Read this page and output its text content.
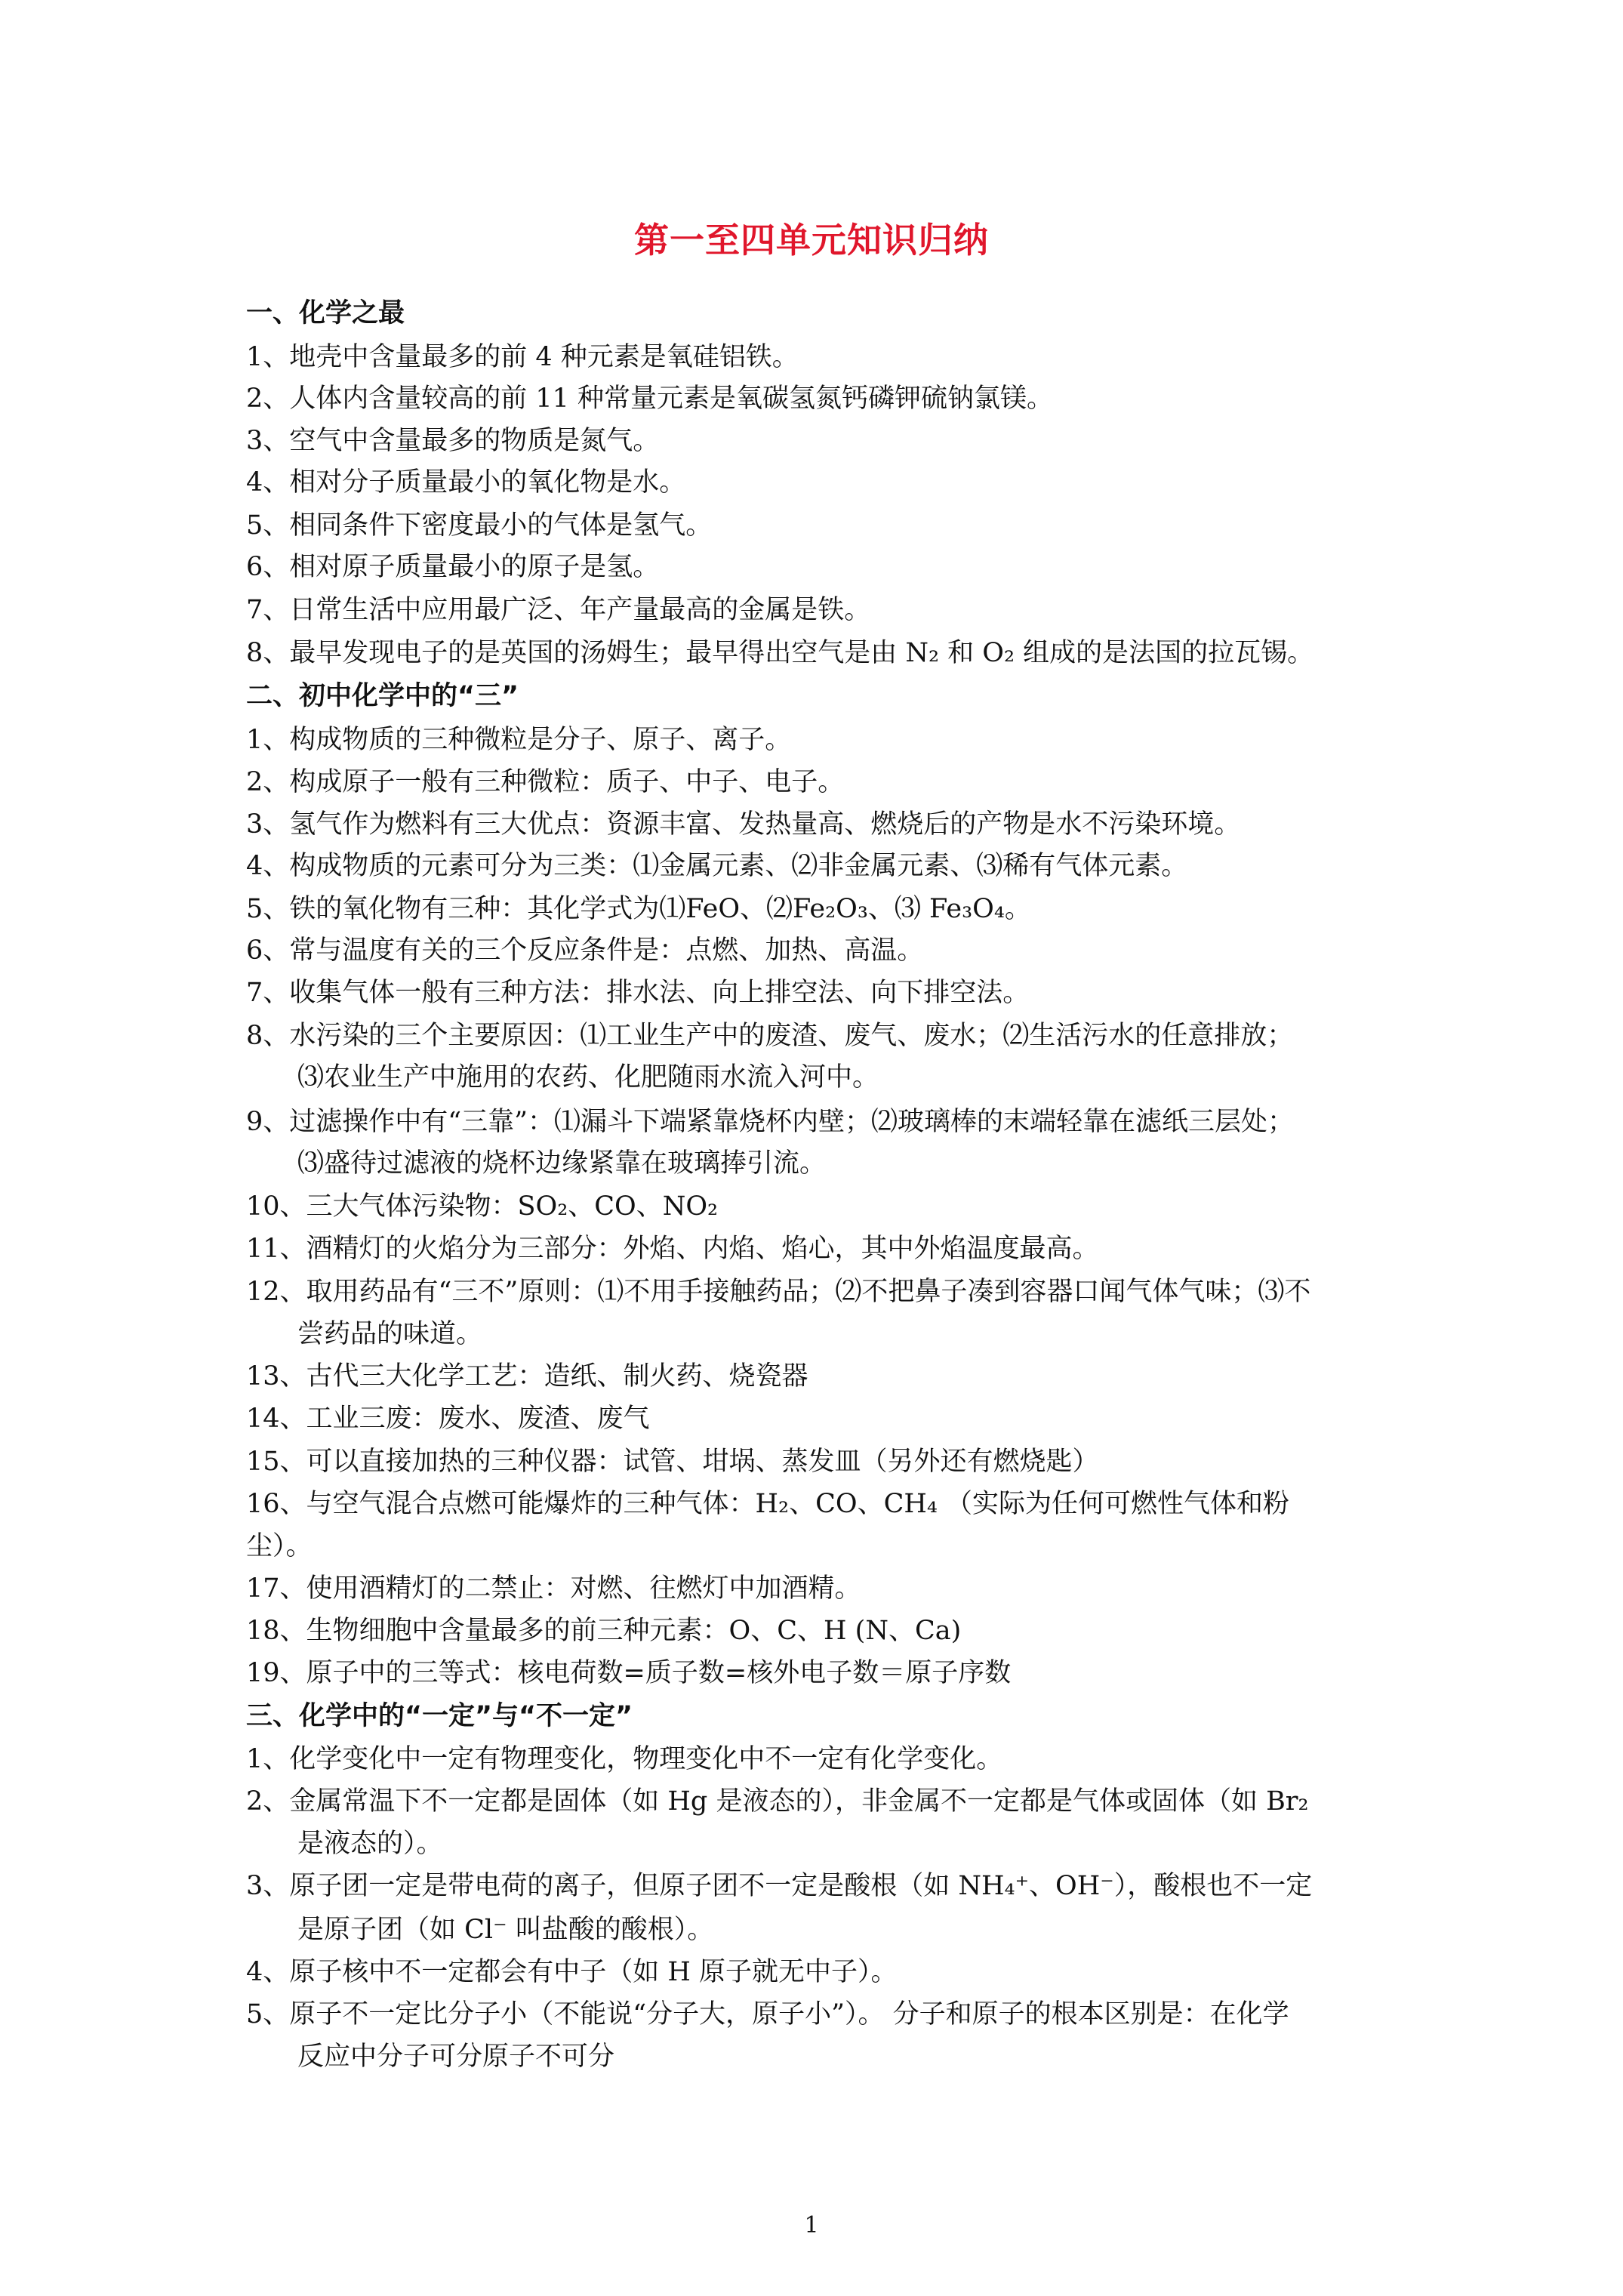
第一至四单元知识归纳
一、化学之最
1、地壳中含量最多的前 4 种元素是氧硅铝铁。
2、人体内含量较高的前 11 种常量元素是氧碳氢氮钙磷钾硫钠氯镁。
3、空气中含量最多的物质是氮气。
4、相对分子质量最小的氧化物是水。
5、相同条件下密度最小的气体是氢气。
6、相对原子质量最小的原子是氢。
7、日常生活中应用最广泛、年产量最高的金属是铁。
8、最早发现电子的是英国的汤姆生；最早得出空气是由 N₂ 和 O₂ 组成的是法国的拉瓦锡。
二、初中化学中的“三”
1、构成物质的三种微粒是分子、原子、离子。
2、构成原子一般有三种微粒：质子、中子、电子。
3、氢气作为燃料有三大优点：资源丰富、发热量高、燃烧后的产物是水不污染环境。
4、构成物质的元素可分为三类：⑴金属元素、⑵非金属元素、⑶稀有气体元素。
5、铁的氧化物有三种：其化学式为⑴FeO、⑵Fe₂O₃、⑶ Fe₃O₄。
6、常与温度有关的三个反应条件是：点燃、加热、高温。
7、收集气体一般有三种方法：排水法、向上排空法、向下排空法。
8、水污染的三个主要原因：⑴工业生产中的废渣、废气、废水；⑵生活污水的任意排放；
⑶农业生产中施用的农药、化肥随雨水流入河中。
9、过滤操作中有“三靠”：⑴漏斗下端紧靠烧杯内壁；⑵玻璃棒的末端轻靠在滤纸三层处；
⑶盛待过滤液的烧杯边缘紧靠在玻璃捧引流。
10、三大气体污染物：SO₂、CO、NO₂
11、酒精灯的火焰分为三部分：外焰、内焰、焰心，其中外焰温度最高。
12、取用药品有“三不”原则：⑴不用手接触药品；⑵不把鼻子凑到容器口闻气体气味；⑶不
尝药品的味道。
13、古代三大化学工艺：造纸、制火药、烧瓷器
14、工业三废：废水、废渣、废气
15、可以直接加热的三种仪器：试管、坩埚、蒸发皿（另外还有燃烧匙）
16、与空气混合点燃可能爆炸的三种气体：H₂、CO、CH₄ （实际为任何可燃性气体和粉
尘）。
17、使用酒精灯的二禁止：对燃、往燃灯中加酒精。
18、生物细胞中含量最多的前三种元素：O、C、H (N、Ca)
19、原子中的三等式：核电荷数=质子数=核外电子数＝原子序数
三、化学中的“一定”与“不一定”
1、化学变化中一定有物理变化，物理变化中不一定有化学变化。
2、金属常温下不一定都是固体（如 Hg 是液态的），非金属不一定都是气体或固体（如 Br₂
是液态的）。
3、原子团一定是带电荷的离子，但原子团不一定是酸根（如 NH₄⁺、OH⁻），酸根也不一定
是原子团（如 Cl⁻ 叫盐酸的酸根）。
4、原子核中不一定都会有中子（如 H 原子就无中子）。
5、原子不一定比分子小（不能说“分子大，原子小”）。 分子和原子的根本区别是：在化学
反应中分子可分原子不可分
1
